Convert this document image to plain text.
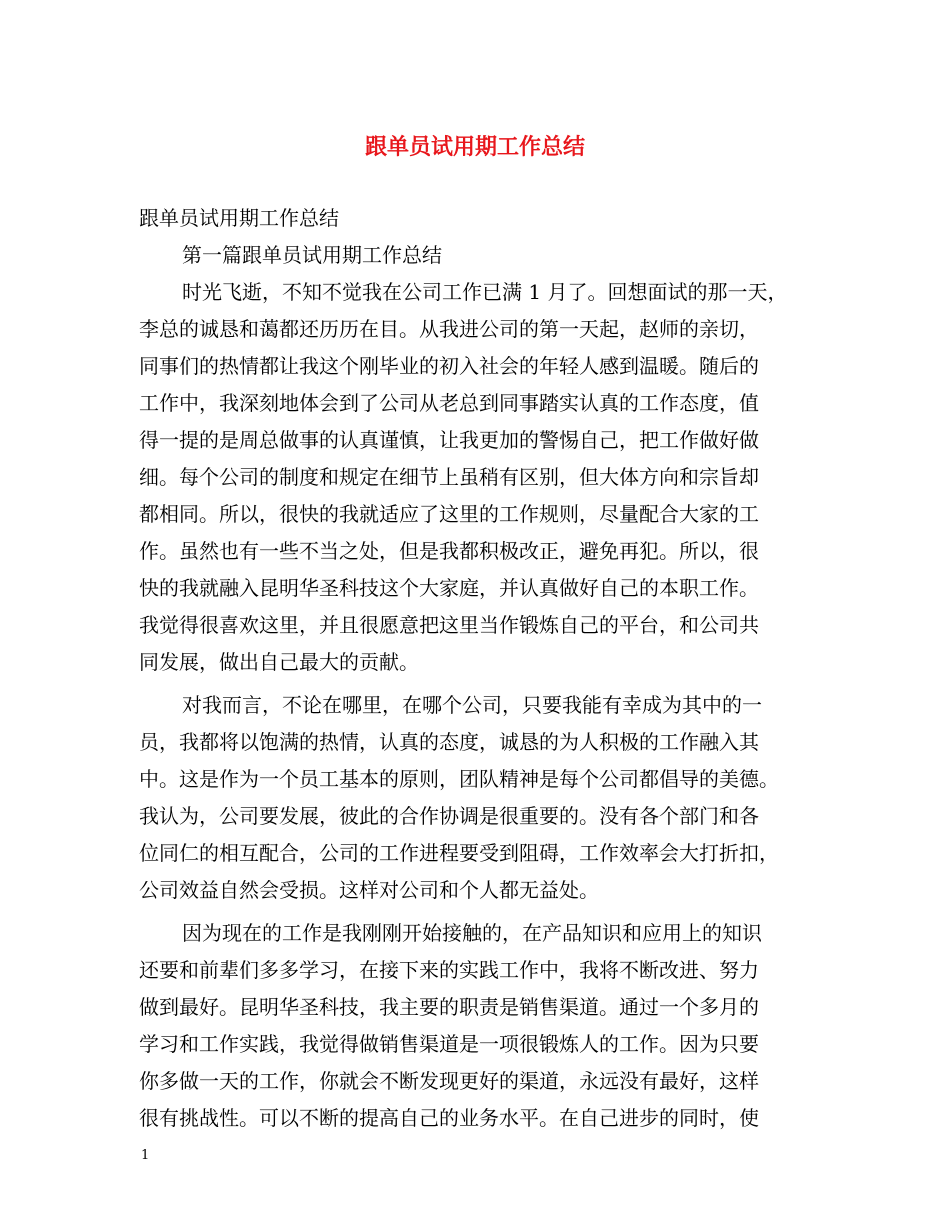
跟单员试用期工作总结
跟单员试用期工作总结
第一篇跟单员试用期工作总结
时光飞逝，不知不觉我在公司工作已满 1 月了。回想面试的那一天，
李总的诚恳和蔼都还历历在目。从我进公司的第一天起，赵师的亲切，
同事们的热情都让我这个刚毕业的初入社会的年轻人感到温暖。随后的
工作中，我深刻地体会到了公司从老总到同事踏实认真的工作态度，值
得一提的是周总做事的认真谨慎，让我更加的警惕自己，把工作做好做
细。每个公司的制度和规定在细节上虽稍有区别，但大体方向和宗旨却
都相同。所以，很快的我就适应了这里的工作规则，尽量配合大家的工
作。虽然也有一些不当之处，但是我都积极改正，避免再犯。所以，很
快的我就融入昆明华圣科技这个大家庭，并认真做好自己的本职工作。
我觉得很喜欢这里，并且很愿意把这里当作锻炼自己的平台，和公司共
同发展，做出自己最大的贡献。
对我而言，不论在哪里，在哪个公司，只要我能有幸成为其中的一
员，我都将以饱满的热情，认真的态度，诚恳的为人积极的工作融入其
中。这是作为一个员工基本的原则，团队精神是每个公司都倡导的美德。
我认为，公司要发展，彼此的合作协调是很重要的。没有各个部门和各
位同仁的相互配合，公司的工作进程要受到阻碍，工作效率会大打折扣，
公司效益自然会受损。这样对公司和个人都无益处。
因为现在的工作是我刚刚开始接触的，在产品知识和应用上的知识
还要和前辈们多多学习，在接下来的实践工作中，我将不断改进、努力
做到最好。昆明华圣科技，我主要的职责是销售渠道。通过一个多月的
学习和工作实践，我觉得做销售渠道是一项很锻炼人的工作。因为只要
你多做一天的工作，你就会不断发现更好的渠道，永远没有最好，这样
很有挑战性。可以不断的提高自己的业务水平。在自己进步的同时，使
1
